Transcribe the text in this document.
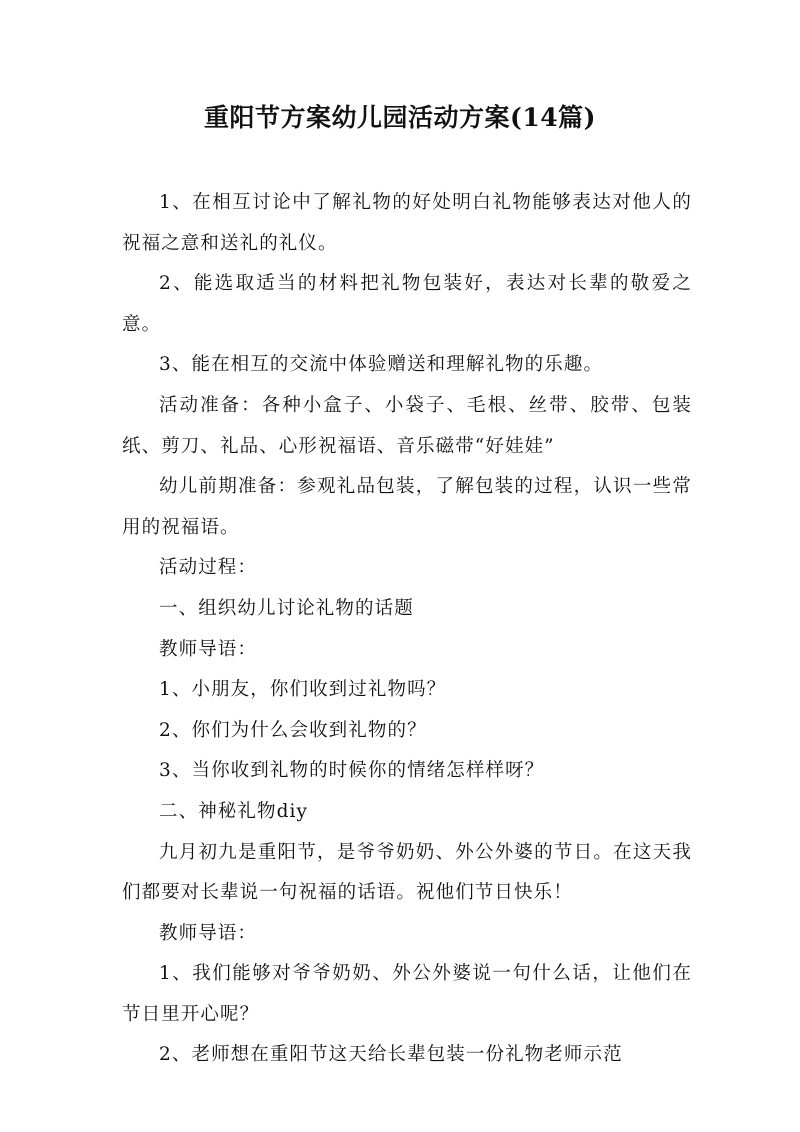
重阳节方案幼儿园活动方案(14篇)

1、在相互讨论中了解礼物的好处明白礼物能够表达对他人的祝福之意和送礼的礼仪。

2、能选取适当的材料把礼物包装好，表达对长辈的敬爱之意。

3、能在相互的交流中体验赠送和理解礼物的乐趣。

活动准备：各种小盒子、小袋子、毛根、丝带、胶带、包装纸、剪刀、礼品、心形祝福语、音乐磁带“好娃娃”

幼儿前期准备：参观礼品包装，了解包装的过程，认识一些常用的祝福语。

活动过程：

一、组织幼儿讨论礼物的话题

教师导语：

1、小朋友，你们收到过礼物吗？

2、你们为什么会收到礼物的？

3、当你收到礼物的时候你的情绪怎样样呀？

二、神秘礼物diy

九月初九是重阳节，是爷爷奶奶、外公外婆的节日。在这天我们都要对长辈说一句祝福的话语。祝他们节日快乐！

教师导语：

1、我们能够对爷爷奶奶、外公外婆说一句什么话，让他们在节日里开心呢？

2、老师想在重阳节这天给长辈包装一份礼物老师示范
